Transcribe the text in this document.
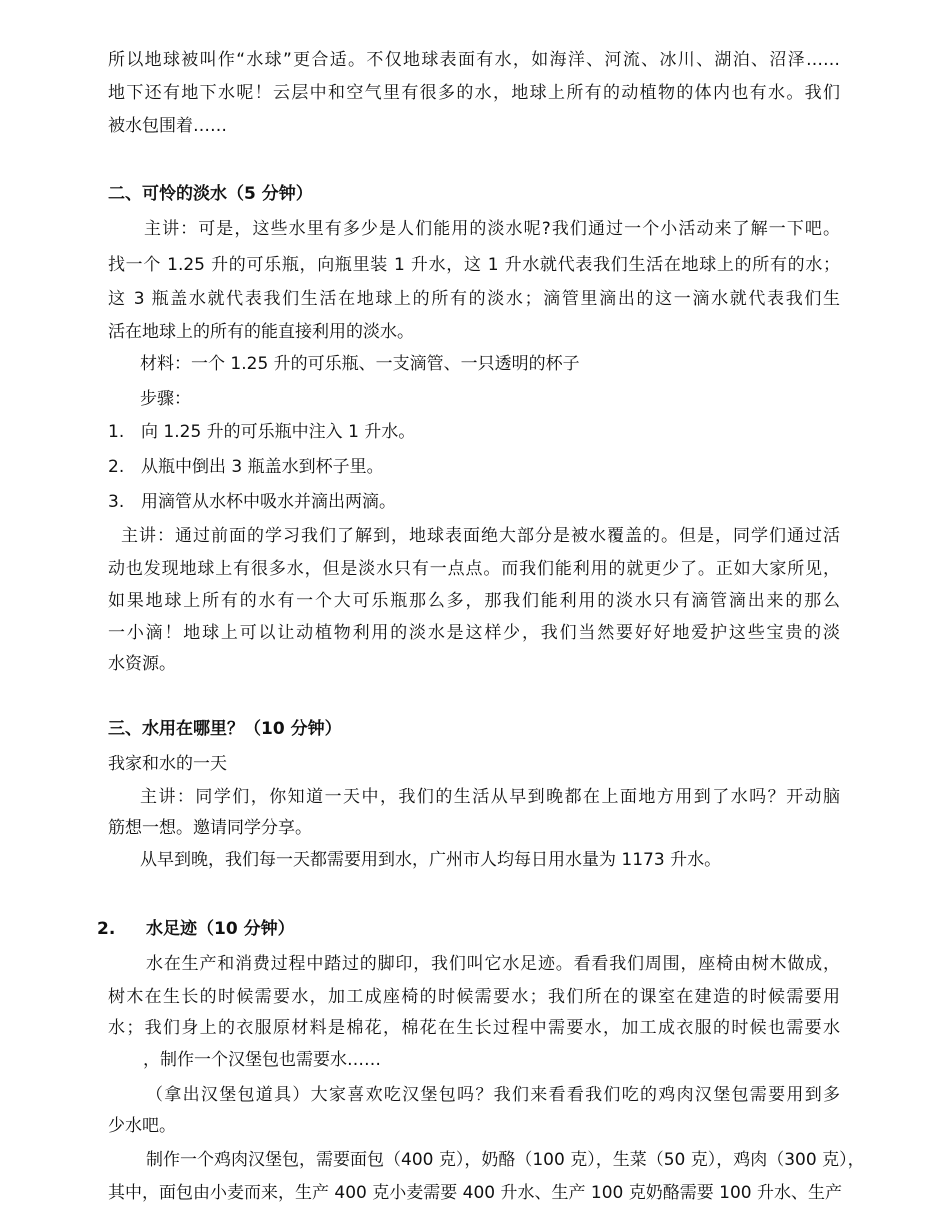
所以地球被叫作“水球”更合适。不仅地球表面有水，如海洋、河流、冰川、湖泊、沼泽……
地下还有地下水呢！云层中和空气里有很多的水，地球上所有的动植物的体内也有水。我们
被水包围着……
二、可怜的淡水（5 分钟）
主讲：可是，这些水里有多少是人们能用的淡水呢?我们通过一个小活动来了解一下吧。
找一个 1.25 升的可乐瓶，向瓶里装 1 升水，这 1 升水就代表我们生活在地球上的所有的水；
这 3 瓶盖水就代表我们生活在地球上的所有的淡水；滴管里滴出的这一滴水就代表我们生
活在地球上的所有的能直接利用的淡水。
材料：一个 1.25 升的可乐瓶、一支滴管、一只透明的杯子
步骤：
1. 向 1.25 升的可乐瓶中注入 1 升水。
2. 从瓶中倒出 3 瓶盖水到杯子里。
3. 用滴管从水杯中吸水并滴出两滴。
主讲：通过前面的学习我们了解到，地球表面绝大部分是被水覆盖的。但是，同学们通过活
动也发现地球上有很多水，但是淡水只有一点点。而我们能利用的就更少了。正如大家所见，
如果地球上所有的水有一个大可乐瓶那么多，那我们能利用的淡水只有滴管滴出来的那么
一小滴！地球上可以让动植物利用的淡水是这样少，我们当然要好好地爱护这些宝贵的淡
水资源。
三、水用在哪里？（10 分钟）
我家和水的一天
主讲：同学们，你知道一天中，我们的生活从早到晚都在上面地方用到了水吗？开动脑
筋想一想。邀请同学分享。
从早到晚，我们每一天都需要用到水，广州市人均每日用水量为 1173 升水。
2. 水足迹（10 分钟）
水在生产和消费过程中踏过的脚印，我们叫它水足迹。看看我们周围，座椅由树木做成，
树木在生长的时候需要水，加工成座椅的时候需要水；我们所在的课室在建造的时候需要用
水；我们身上的衣服原材料是棉花，棉花在生长过程中需要水，加工成衣服的时候也需要水
，制作一个汉堡包也需要水……
（拿出汉堡包道具）大家喜欢吃汉堡包吗？我们来看看我们吃的鸡肉汉堡包需要用到多
少水吧。
制作一个鸡肉汉堡包，需要面包（400 克），奶酪（100 克），生菜（50 克），鸡肉（300 克），
其中，面包由小麦而来，生产 400 克小麦需要 400 升水、生产 100 克奶酪需要 100 升水、生产
